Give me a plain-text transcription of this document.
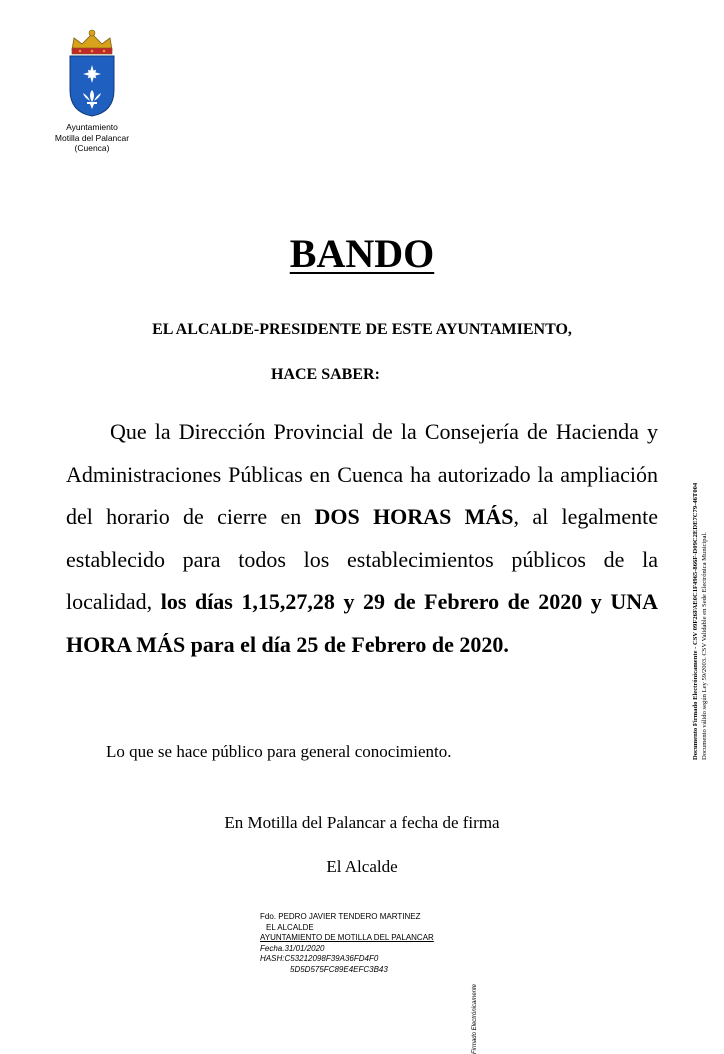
Ayuntamiento
Motilla del Palancar
(Cuenca)
BANDO
EL ALCALDE-PRESIDENTE DE ESTE AYUNTAMIENTO,
HACE SABER:
Que la Dirección Provincial de la Consejería de Hacienda y Administraciones Públicas en Cuenca ha autorizado la ampliación del horario de cierre en DOS HORAS MÁS, al legalmente establecido para todos los establecimientos públicos de la localidad, los días 1,15,27,28 y 29 de Febrero de 2020 y UNA HORA MÁS para el día 25 de Febrero de 2020.
Lo que se hace público para general conocimiento.
En Motilla del Palancar a fecha de firma
El Alcalde
Fdo. PEDRO JAVIER TENDERO MARTINEZ
EL ALCALDE
AYUNTAMIENTO DE MOTILLA DEL PALANCAR
Fecha.31/01/2020
HASH:C53212098F39A36FD4F0
5D5D575FC89E4EFC3B43
Firmado Electrónicamente
Documento Firmado Electrónicamente - CSV 09F26FAE0C1F4965-866F-D09C2EDE7C79-46T004 Documento válido según Ley 59/2003. CSV Validable en Sede Electrónica Municipal.
